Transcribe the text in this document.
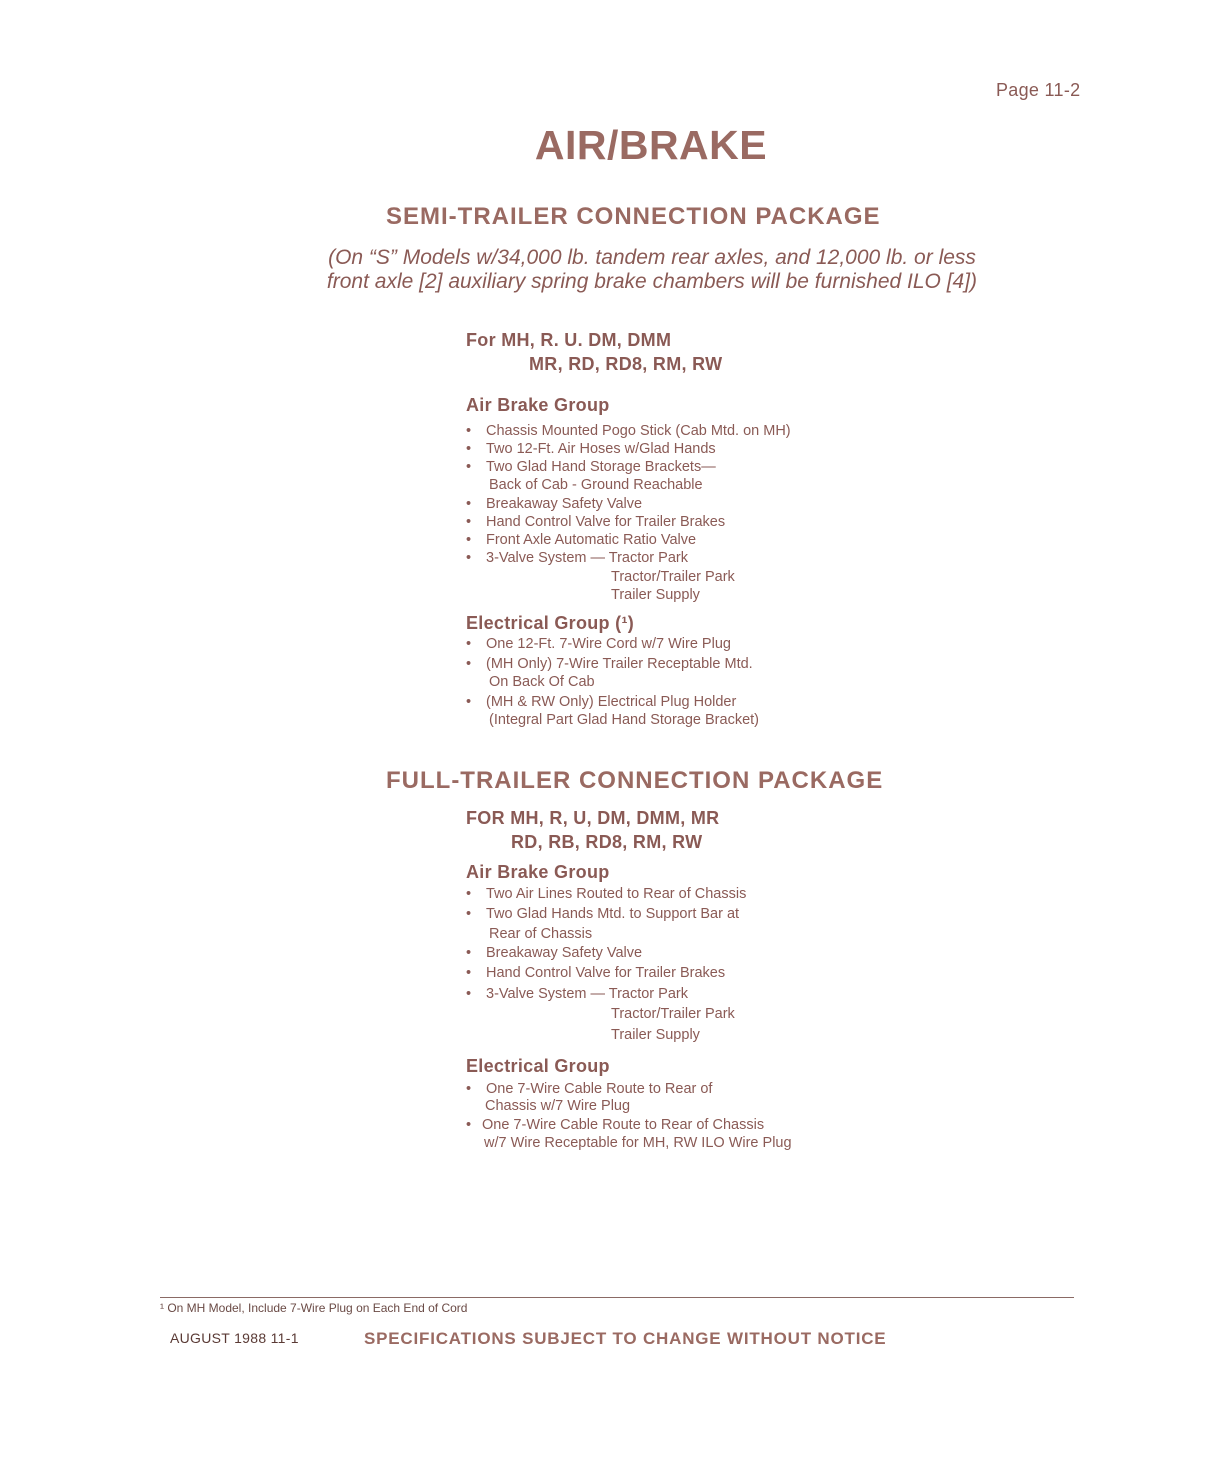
Page 11-2
AIR/BRAKE
SEMI-TRAILER CONNECTION PACKAGE
(On “S” Models w/34,000 lb. tandem rear axles, and 12,000 lb. or less
front axle [2] auxiliary spring brake chambers will be furnished ILO [4])
For MH, R. U. DM, DMM
MR, RD, RD8, RM, RW
Air Brake Group
• Chassis Mounted Pogo Stick (Cab Mtd. on MH)
• Two 12-Ft. Air Hoses w/Glad Hands
• Two Glad Hand Storage Brackets—
Back of Cab - Ground Reachable
• Breakaway Safety Valve
• Hand Control Valve for Trailer Brakes
• Front Axle Automatic Ratio Valve
• 3-Valve System — Tractor Park
Tractor/Trailer Park
Trailer Supply
Electrical Group (¹)
• One 12-Ft. 7-Wire Cord w/7 Wire Plug
• (MH Only) 7-Wire Trailer Receptable Mtd.
On Back Of Cab
• (MH & RW Only) Electrical Plug Holder
(Integral Part Glad Hand Storage Bracket)
FULL-TRAILER CONNECTION PACKAGE
FOR MH, R, U, DM, DMM, MR
RD, RB, RD8, RM, RW
Air Brake Group
• Two Air Lines Routed to Rear of Chassis
• Two Glad Hands Mtd. to Support Bar at
Rear of Chassis
• Breakaway Safety Valve
• Hand Control Valve for Trailer Brakes
• 3-Valve System — Tractor Park
Tractor/Trailer Park
Trailer Supply
Electrical Group
• One 7-Wire Cable Route to Rear of
Chassis w/7 Wire Plug
• One 7-Wire Cable Route to Rear of Chassis
w/7 Wire Receptable for MH, RW ILO Wire Plug
¹ On MH Model, Include 7-Wire Plug on Each End of Cord
AUGUST 1988 11-1	SPECIFICATIONS SUBJECT TO CHANGE WITHOUT NOTICE
